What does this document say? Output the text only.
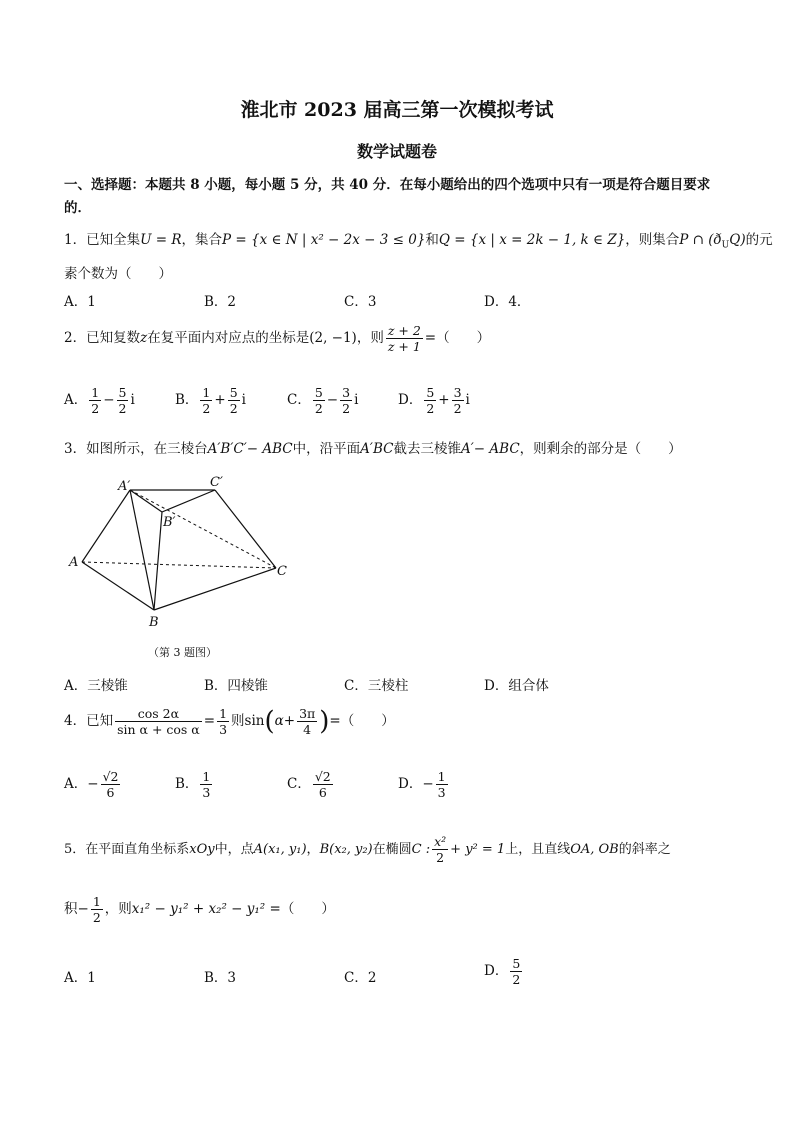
淮北市 2023 届高三第一次模拟考试
数学试题卷
一、选择题：本题共 8 小题，每小题 5 分，共 40 分．在每小题给出的四个选项中只有一项是符合题目要求
的．
1．已知全集U = R，集合P = {x ∈ N | x² − 2x − 3 ≤ 0}和Q = {x | x = 2k − 1, k ∈ Z}，则集合P ∩ $(ð_UQ)$的元
素个数为（　　）
A．1	B．2	C．3	D．4．
2．已知复数z在复平面内对应点的坐标是(2, −1)，则 $\frac{z + 2}{z + 1}$ =（　　）
A． $\frac{1}{2} - \frac{5}{2}$ i	B． $\frac{1}{2} + \frac{5}{2}$ i	C． $\frac{5}{2} - \frac{3}{2}$ i	D． $\frac{5}{2} + \frac{3}{2}$ i
3．如图所示，在三棱台A′B′C′− ABC中，沿平面A′BC截去三棱锥A′− ABC，则剩余的部分是（　　）
A′	C′
B′
A
C
B
（第 3 题图）
A．三棱锥	B．四棱锥	C．三棱柱	D．组合体
4．已知 $\frac{\cos 2\alpha}{\text{sin α + cos α}} = \frac{1}{3}$ 则$\sin(\alpha+ \frac{3\pi}{4}$ )=（　　）
A．− $\frac{√2}{6}$	B． $\frac{1}{3}$	C． $\frac{√2}{6}$	D．− $\frac{1}{3}$
5．在平面直角坐标系xOy中，点A(x₁, y₁)，B(x₂, y₂)在椭圆C : $\frac{\text{x²}}{2} + y^2 = 1$上，且直线OA, OB的斜率之
积− $\frac{1}{2}$ ，则x₁² − y₁² + x₂² − y₁² =（　　）
A．1	B．3	C．2	D． $\frac{5}{2}$
